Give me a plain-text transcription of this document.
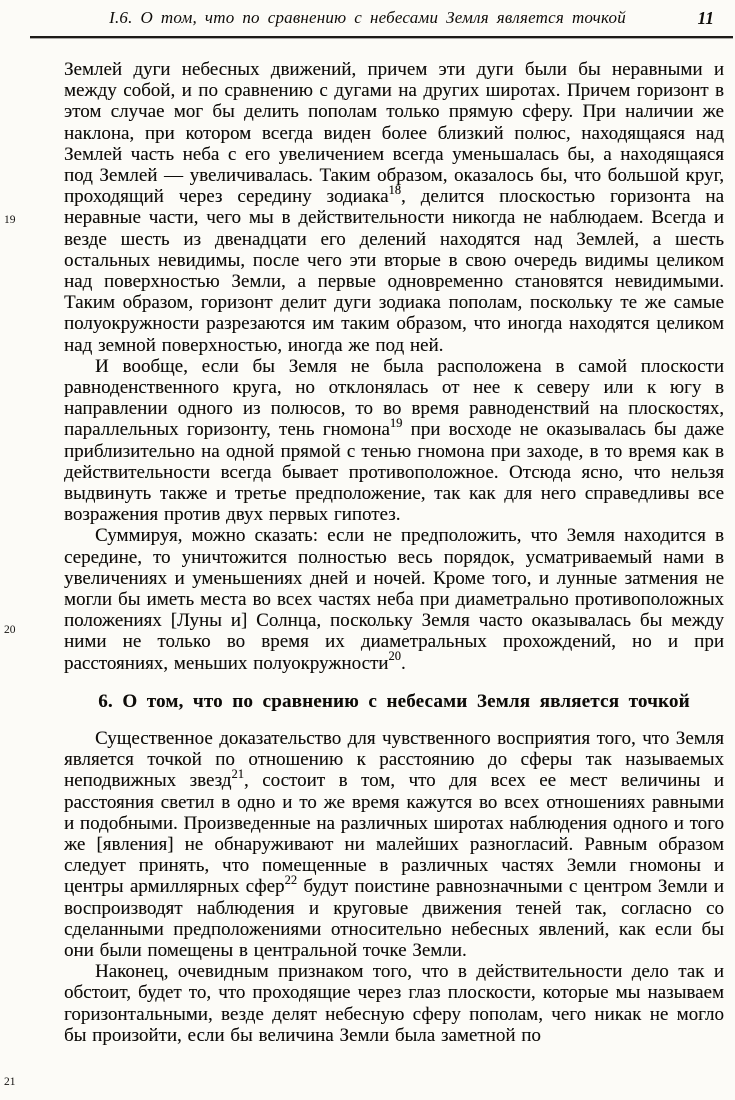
I.6. О том, что по сравнению с небесами Земля является точкой	11
19
20
21

Землей дуги небесных движений, причем эти дуги были бы неравными и между собой, и по сравнению с дугами на других широтах. Причем горизонт в этом случае мог бы делить пополам только прямую сферу. При наличии же наклона, при котором всегда виден более близкий полюс, находящаяся над Землей часть неба с его увеличением всегда уменьшалась бы, а находящаяся под Землей — увеличивалась. Таким образом, оказалось бы, что большой круг, проходящий через середину зодиака$^{18}$, делится плоскостью горизонта на неравные части, чего мы в действительности никогда не наблюдаем. Всегда и везде шесть из двенадцати его делений находятся над Землей, а шесть остальных невидимы, после чего эти вторые в свою очередь видимы целиком над поверхностью Земли, а первые одновременно становятся невидимыми. Таким образом, горизонт делит дуги зодиака пополам, поскольку те же самые полуокружности разрезаются им таким образом, что иногда находятся целиком над земной поверхностью, иногда же под ней.

И вообще, если бы Земля не была расположена в самой плоскости равноденственного круга, но отклонялась от нее к северу или к югу в направлении одного из полюсов, то во время равноденствий на плоскостях, параллельных горизонту, тень гномона$^{19}$ при восходе не оказывалась бы даже приблизительно на одной прямой с тенью гномона при заходе, в то время как в действительности всегда бывает противоположное. Отсюда ясно, что нельзя выдвинуть также и третье предположение, так как для него справедливы все возражения против двух первых гипотез.

Суммируя, можно сказать: если не предположить, что Земля находится в середине, то уничтожится полностью весь порядок, усматриваемый нами в увеличениях и уменьшениях дней и ночей. Кроме того, и лунные затмения не могли бы иметь места во всех частях неба при диаметрально противоположных положениях [Луны и] Солнца, поскольку Земля часто оказывалась бы между ними не только во время их диаметральных прохождений, но и при расстояниях, меньших полуокружности$^{20}$.

6. О том, что по сравнению с небесами Земля является точкой

Существенное доказательство для чувственного восприятия того, что Земля является точкой по отношению к расстоянию до сферы так называемых неподвижных звезд$^{21}$, состоит в том, что для всех ее мест величины и расстояния светил в одно и то же время кажутся во всех отношениях равными и подобными. Произведенные на различных широтах наблюдения одного и того же [явления] не обнаруживают ни малейших разногласий. Равным образом следует принять, что помещенные в различных частях Земли гномоны и центры армиллярных сфер$^{22}$ будут поистине равнозначными с центром Земли и воспроизводят наблюдения и круговые движения теней так, согласно со сделанными предположениями относительно небесных явлений, как если бы они были помещены в центральной точке Земли.

Наконец, очевидным признаком того, что в действительности дело так и обстоит, будет то, что проходящие через глаз плоскости, которые мы называем горизонтальными, везде делят небесную сферу пополам, чего никак не могло бы произойти, если бы величина Земли была заметной по
